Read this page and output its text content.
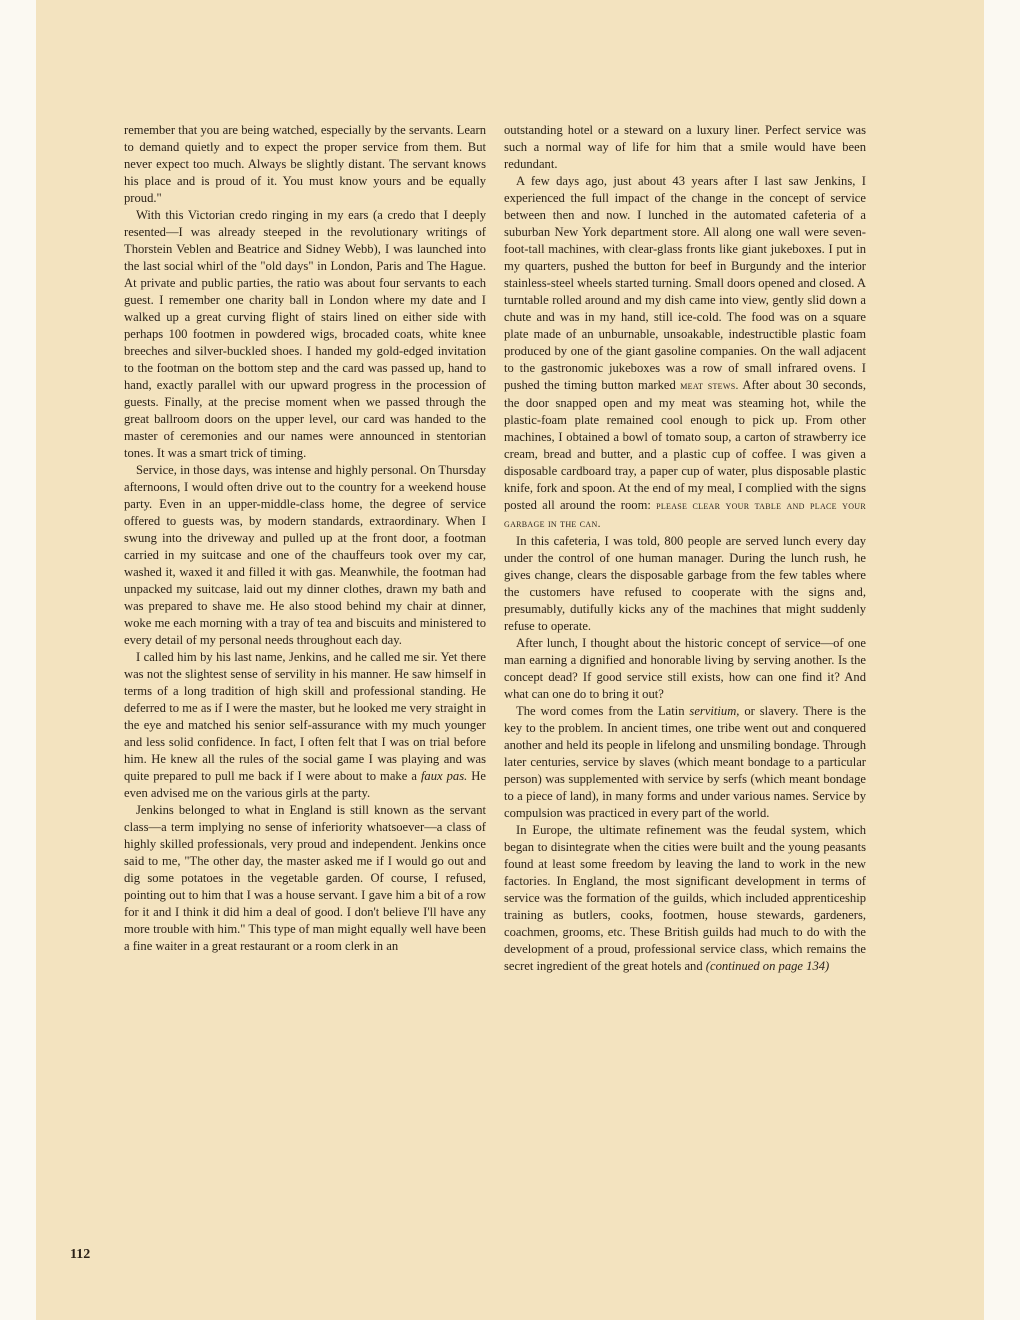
remember that you are being watched, especially by the servants. Learn to demand quietly and to expect the proper service from them. But never expect too much. Always be slightly distant. The servant knows his place and is proud of it. You must know yours and be equally proud."

With this Victorian credo ringing in my ears (a credo that I deeply resented—I was already steeped in the revolutionary writings of Thorstein Veblen and Beatrice and Sidney Webb), I was launched into the last social whirl of the "old days" in London, Paris and The Hague. At private and public parties, the ratio was about four servants to each guest. I remember one charity ball in London where my date and I walked up a great curving flight of stairs lined on either side with perhaps 100 footmen in powdered wigs, brocaded coats, white knee breeches and silver-buckled shoes. I handed my gold-edged invitation to the footman on the bottom step and the card was passed up, hand to hand, exactly parallel with our upward progress in the procession of guests. Finally, at the precise moment when we passed through the great ballroom doors on the upper level, our card was handed to the master of ceremonies and our names were announced in stentorian tones. It was a smart trick of timing.

Service, in those days, was intense and highly personal. On Thursday afternoons, I would often drive out to the country for a weekend house party. Even in an upper-middle-class home, the degree of service offered to guests was, by modern standards, extraordinary. When I swung into the driveway and pulled up at the front door, a footman carried in my suitcase and one of the chauffeurs took over my car, washed it, waxed it and filled it with gas. Meanwhile, the footman had unpacked my suitcase, laid out my dinner clothes, drawn my bath and was prepared to shave me. He also stood behind my chair at dinner, woke me each morning with a tray of tea and biscuits and ministered to every detail of my personal needs throughout each day.

I called him by his last name, Jenkins, and he called me sir. Yet there was not the slightest sense of servility in his manner. He saw himself in terms of a long tradition of high skill and professional standing. He deferred to me as if I were the master, but he looked me very straight in the eye and matched his senior self-assurance with my much younger and less solid confidence. In fact, I often felt that I was on trial before him. He knew all the rules of the social game I was playing and was quite prepared to pull me back if I were about to make a faux pas. He even advised me on the various girls at the party.

Jenkins belonged to what in England is still known as the servant class—a term implying no sense of inferiority whatsoever—a class of highly skilled professionals, very proud and independent. Jenkins once said to me, "The other day, the master asked me if I would go out and dig some potatoes in the vegetable garden. Of course, I refused, pointing out to him that I was a house servant. I gave him a bit of a row for it and I think it did him a deal of good. I don't believe I'll have any more trouble with him." This type of man might equally well have been a fine waiter in a great restaurant or a room clerk in an

outstanding hotel or a steward on a luxury liner. Perfect service was such a normal way of life for him that a smile would have been redundant.

A few days ago, just about 43 years after I last saw Jenkins, I experienced the full impact of the change in the concept of service between then and now. I lunched in the automated cafeteria of a suburban New York department store. All along one wall were seven-foot-tall machines, with clear-glass fronts like giant jukeboxes. I put in my quarters, pushed the button for beef in Burgundy and the interior stainless-steel wheels started turning. Small doors opened and closed. A turntable rolled around and my dish came into view, gently slid down a chute and was in my hand, still ice-cold. The food was on a square plate made of an unburnable, unsoakable, indestructible plastic foam produced by one of the giant gasoline companies. On the wall adjacent to the gastronomic jukeboxes was a row of small infrared ovens. I pushed the timing button marked meat stews. After about 30 seconds, the door snapped open and my meat was steaming hot, while the plastic-foam plate remained cool enough to pick up. From other machines, I obtained a bowl of tomato soup, a carton of strawberry ice cream, bread and butter, and a plastic cup of coffee. I was given a disposable cardboard tray, a paper cup of water, plus disposable plastic knife, fork and spoon. At the end of my meal, I complied with the signs posted all around the room: please clear your table and place your garbage in the can.

In this cafeteria, I was told, 800 people are served lunch every day under the control of one human manager. During the lunch rush, he gives change, clears the disposable garbage from the few tables where the customers have refused to cooperate with the signs and, presumably, dutifully kicks any of the machines that might suddenly refuse to operate.

After lunch, I thought about the historic concept of service—of one man earning a dignified and honorable living by serving another. Is the concept dead? If good service still exists, how can one find it? And what can one do to bring it out?

The word comes from the Latin servitium, or slavery. There is the key to the problem. In ancient times, one tribe went out and conquered another and held its people in lifelong and unsmiling bondage. Through later centuries, service by slaves (which meant bondage to a particular person) was supplemented with service by serfs (which meant bondage to a piece of land), in many forms and under various names. Service by compulsion was practiced in every part of the world.

In Europe, the ultimate refinement was the feudal system, which began to disintegrate when the cities were built and the young peasants found at least some freedom by leaving the land to work in the new factories. In England, the most significant development in terms of service was the formation of the guilds, which included apprenticeship training as butlers, cooks, footmen, house stewards, gardeners, coachmen, grooms, etc. These British guilds had much to do with the development of a proud, professional service class, which remains the secret ingredient of the great hotels and (continued on page 134)

112
